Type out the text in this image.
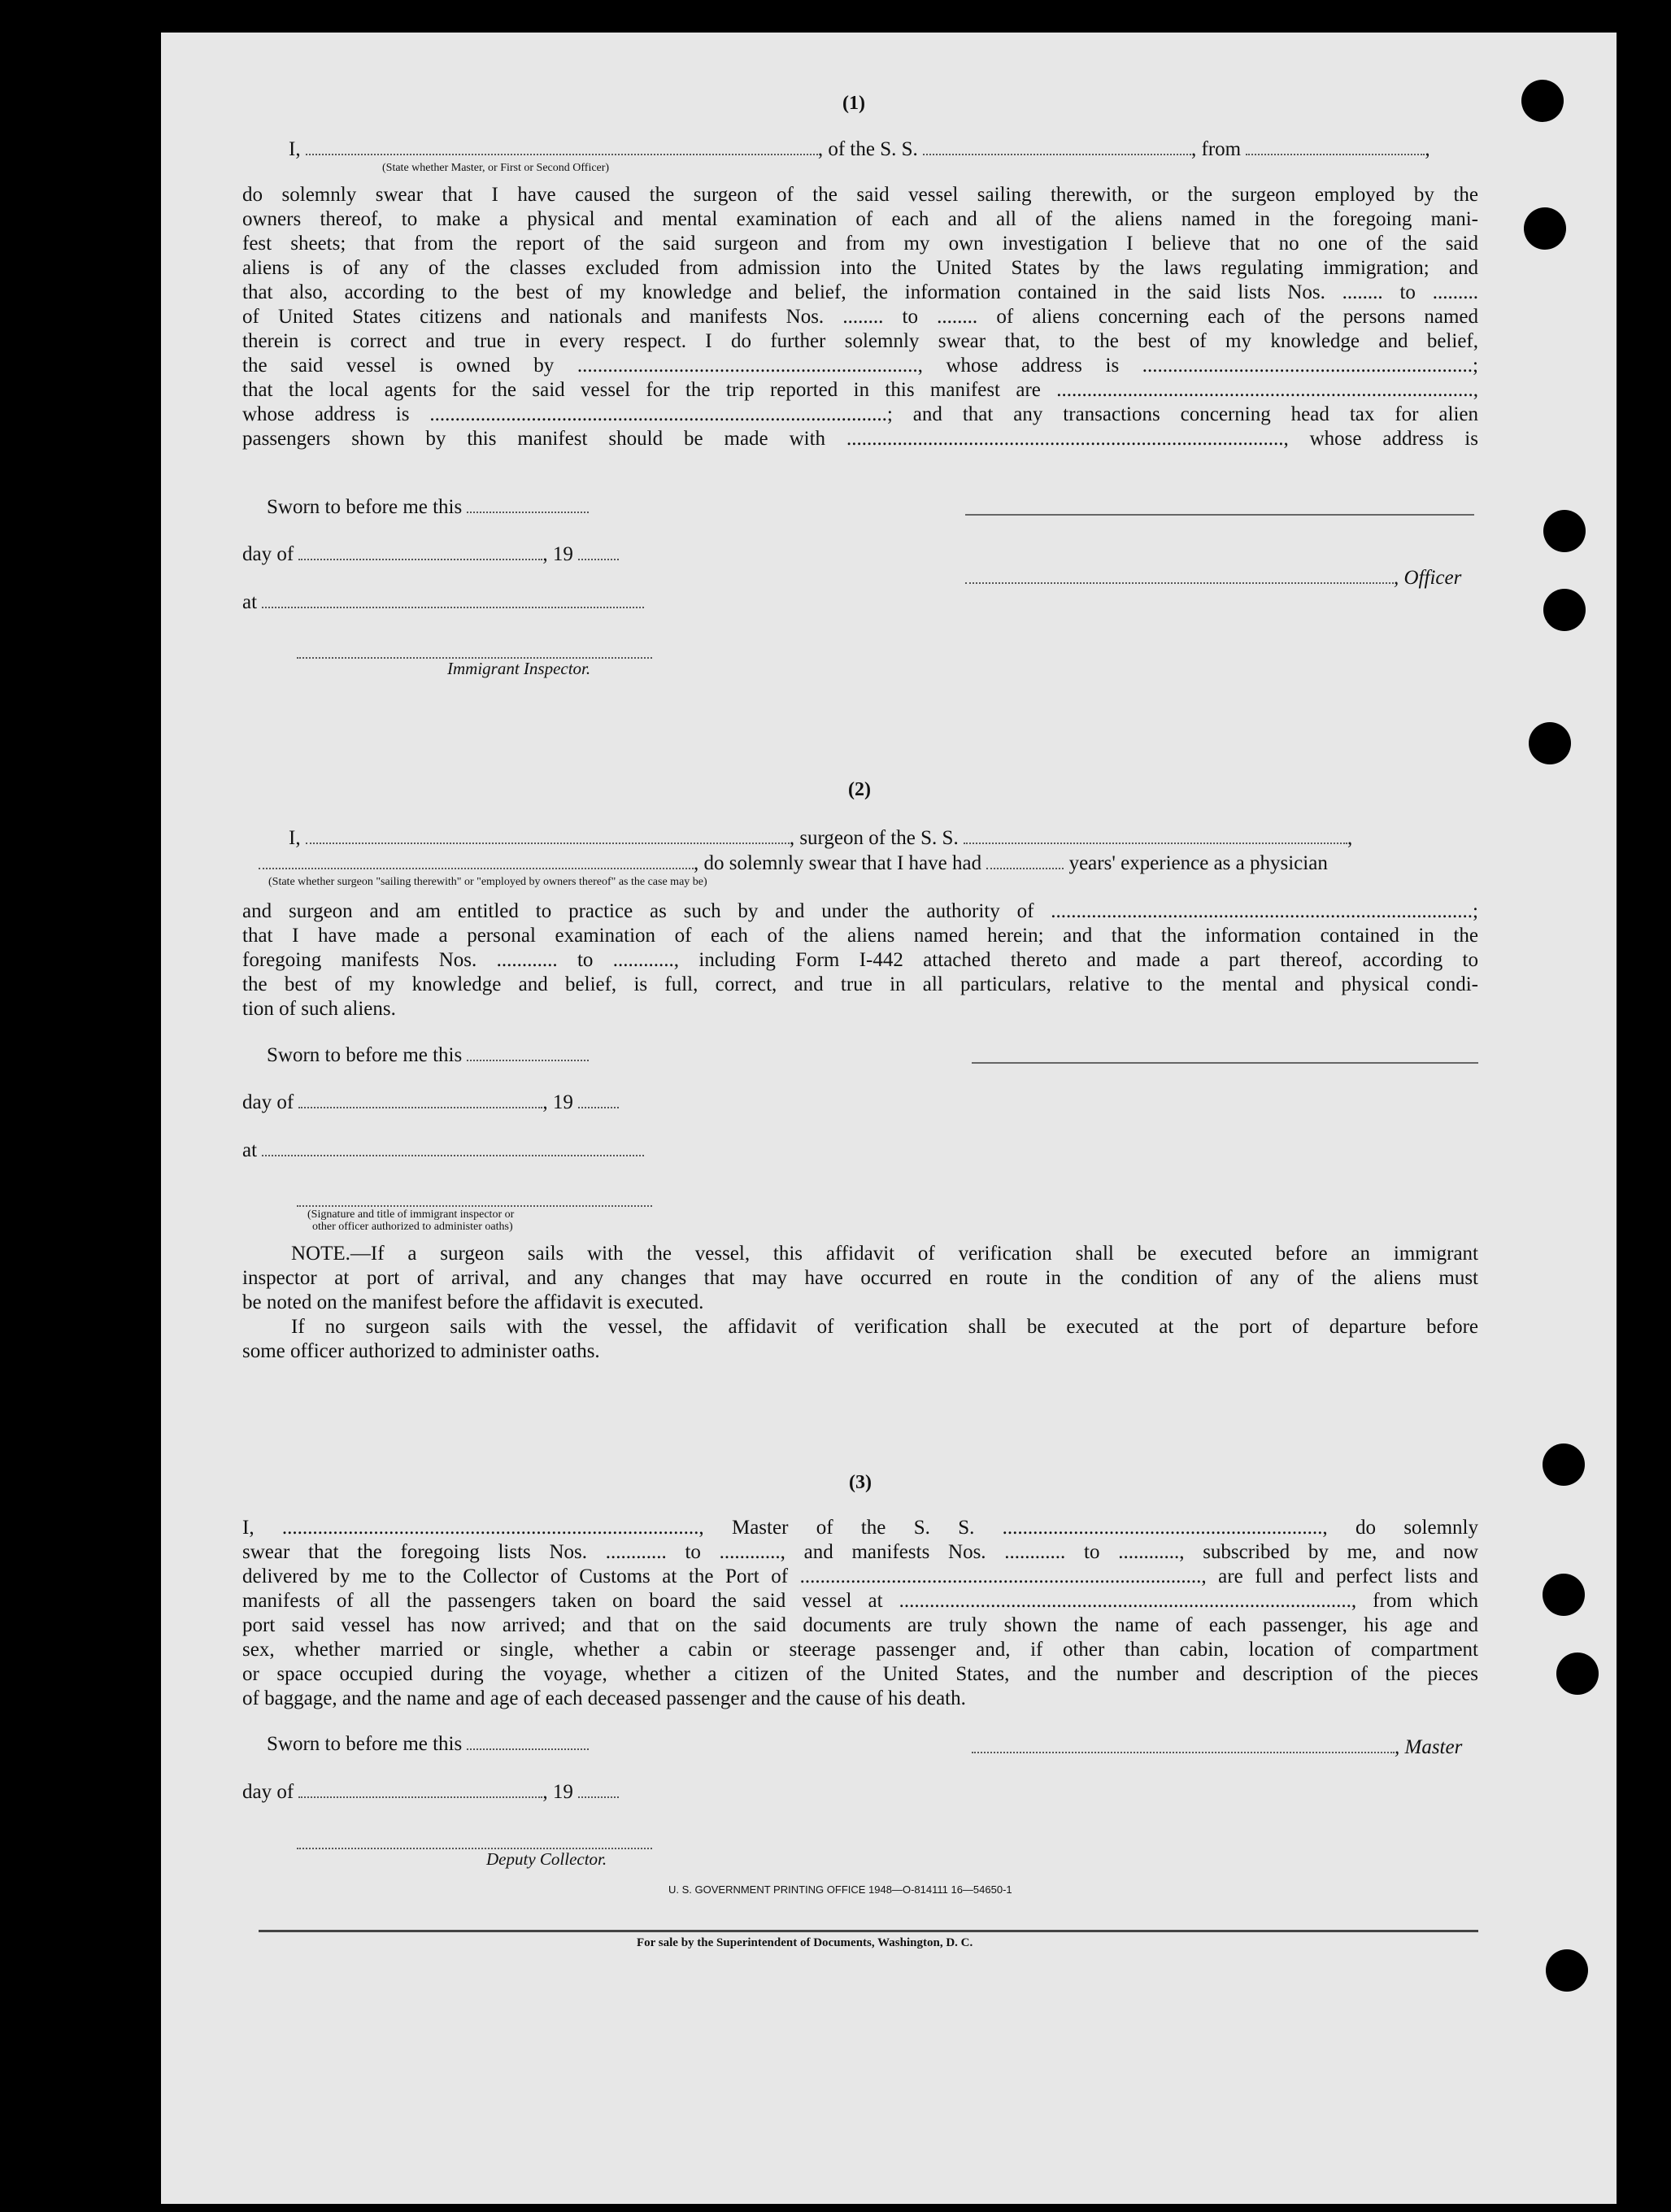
(1)
I,	, of the S. S.	, from	,
(State whether Master, or First or Second Officer)
do solemnly swear that I have caused the surgeon of the said vessel sailing therewith, or the surgeon employed by the
owners thereof, to make a physical and mental examination of each and all of the aliens named in the foregoing mani-
fest sheets; that from the report of the said surgeon and from my own investigation I believe that no one of the said
aliens is of any of the classes excluded from admission into the United States by the laws regulating immigration; and
that also, according to the best of my knowledge and belief, the information contained in the said lists Nos. ........ to .........
of United States citizens and nationals and manifests Nos. ........ to ........ of aliens concerning each of the persons named
therein is correct and true in every respect. I do further solemnly swear that, to the best of my knowledge and belief,
the said vessel is owned by ..................................................................., whose address is .................................................................;
that the local agents for the said vessel for the trip reported in this manifest are ..................................................................................,
whose address is ..........................................................................................; and that any transactions concerning head tax for alien
passengers shown by this manifest should be made with ......................................................................................, whose address is
Sworn to before me this
day of	, 19
at
Immigrant Inspector.
, Officer
(2)
I,	, surgeon of the S. S.	,
, do solemnly swear that I have had	years' experience as a physician
(State whether surgeon "sailing therewith" or "employed by owners thereof" as the case may be)
and surgeon and am entitled to practice as such by and under the authority of ...................................................................................;
that I have made a personal examination of each of the aliens named herein; and that the information contained in the
foregoing manifests Nos. ............ to ............, including Form I-442 attached thereto and made a part thereof, according to
the best of my knowledge and belief, is full, correct, and true in all particulars, relative to the mental and physical condi-
tion of such aliens.
Sworn to before me this
day of	, 19
at
(Signature and title of immigrant inspector or
other officer authorized to administer oaths)
NOTE.—If a surgeon sails with the vessel, this affidavit of verification shall be executed before an immigrant
inspector at port of arrival, and any changes that may have occurred en route in the condition of any of the aliens must
be noted on the manifest before the affidavit is executed.
If no surgeon sails with the vessel, the affidavit of verification shall be executed at the port of departure before
some officer authorized to administer oaths.
(3)
I, .................................................................................., Master of the S. S. ..............................................................., do solemnly
swear that the foregoing lists Nos. ............ to ............, and manifests Nos. ............ to ............, subscribed by me, and now
delivered by me to the Collector of Customs at the Port of ..............................................................................., are full and perfect lists and
manifests of all the passengers taken on board the said vessel at ........................................................................................., from which
port said vessel has now arrived; and that on the said documents are truly shown the name of each passenger, his age and
sex, whether married or single, whether a cabin or steerage passenger and, if other than cabin, location of compartment
or space occupied during the voyage, whether a citizen of the United States, and the number and description of the pieces
of baggage, and the name and age of each deceased passenger and the cause of his death.
Sworn to before me this	, Master
day of	, 19
Deputy Collector.
U. S. GOVERNMENT PRINTING OFFICE 1948—O-814111 16—54650-1
For sale by the Superintendent of Documents, Washington, D. C.
